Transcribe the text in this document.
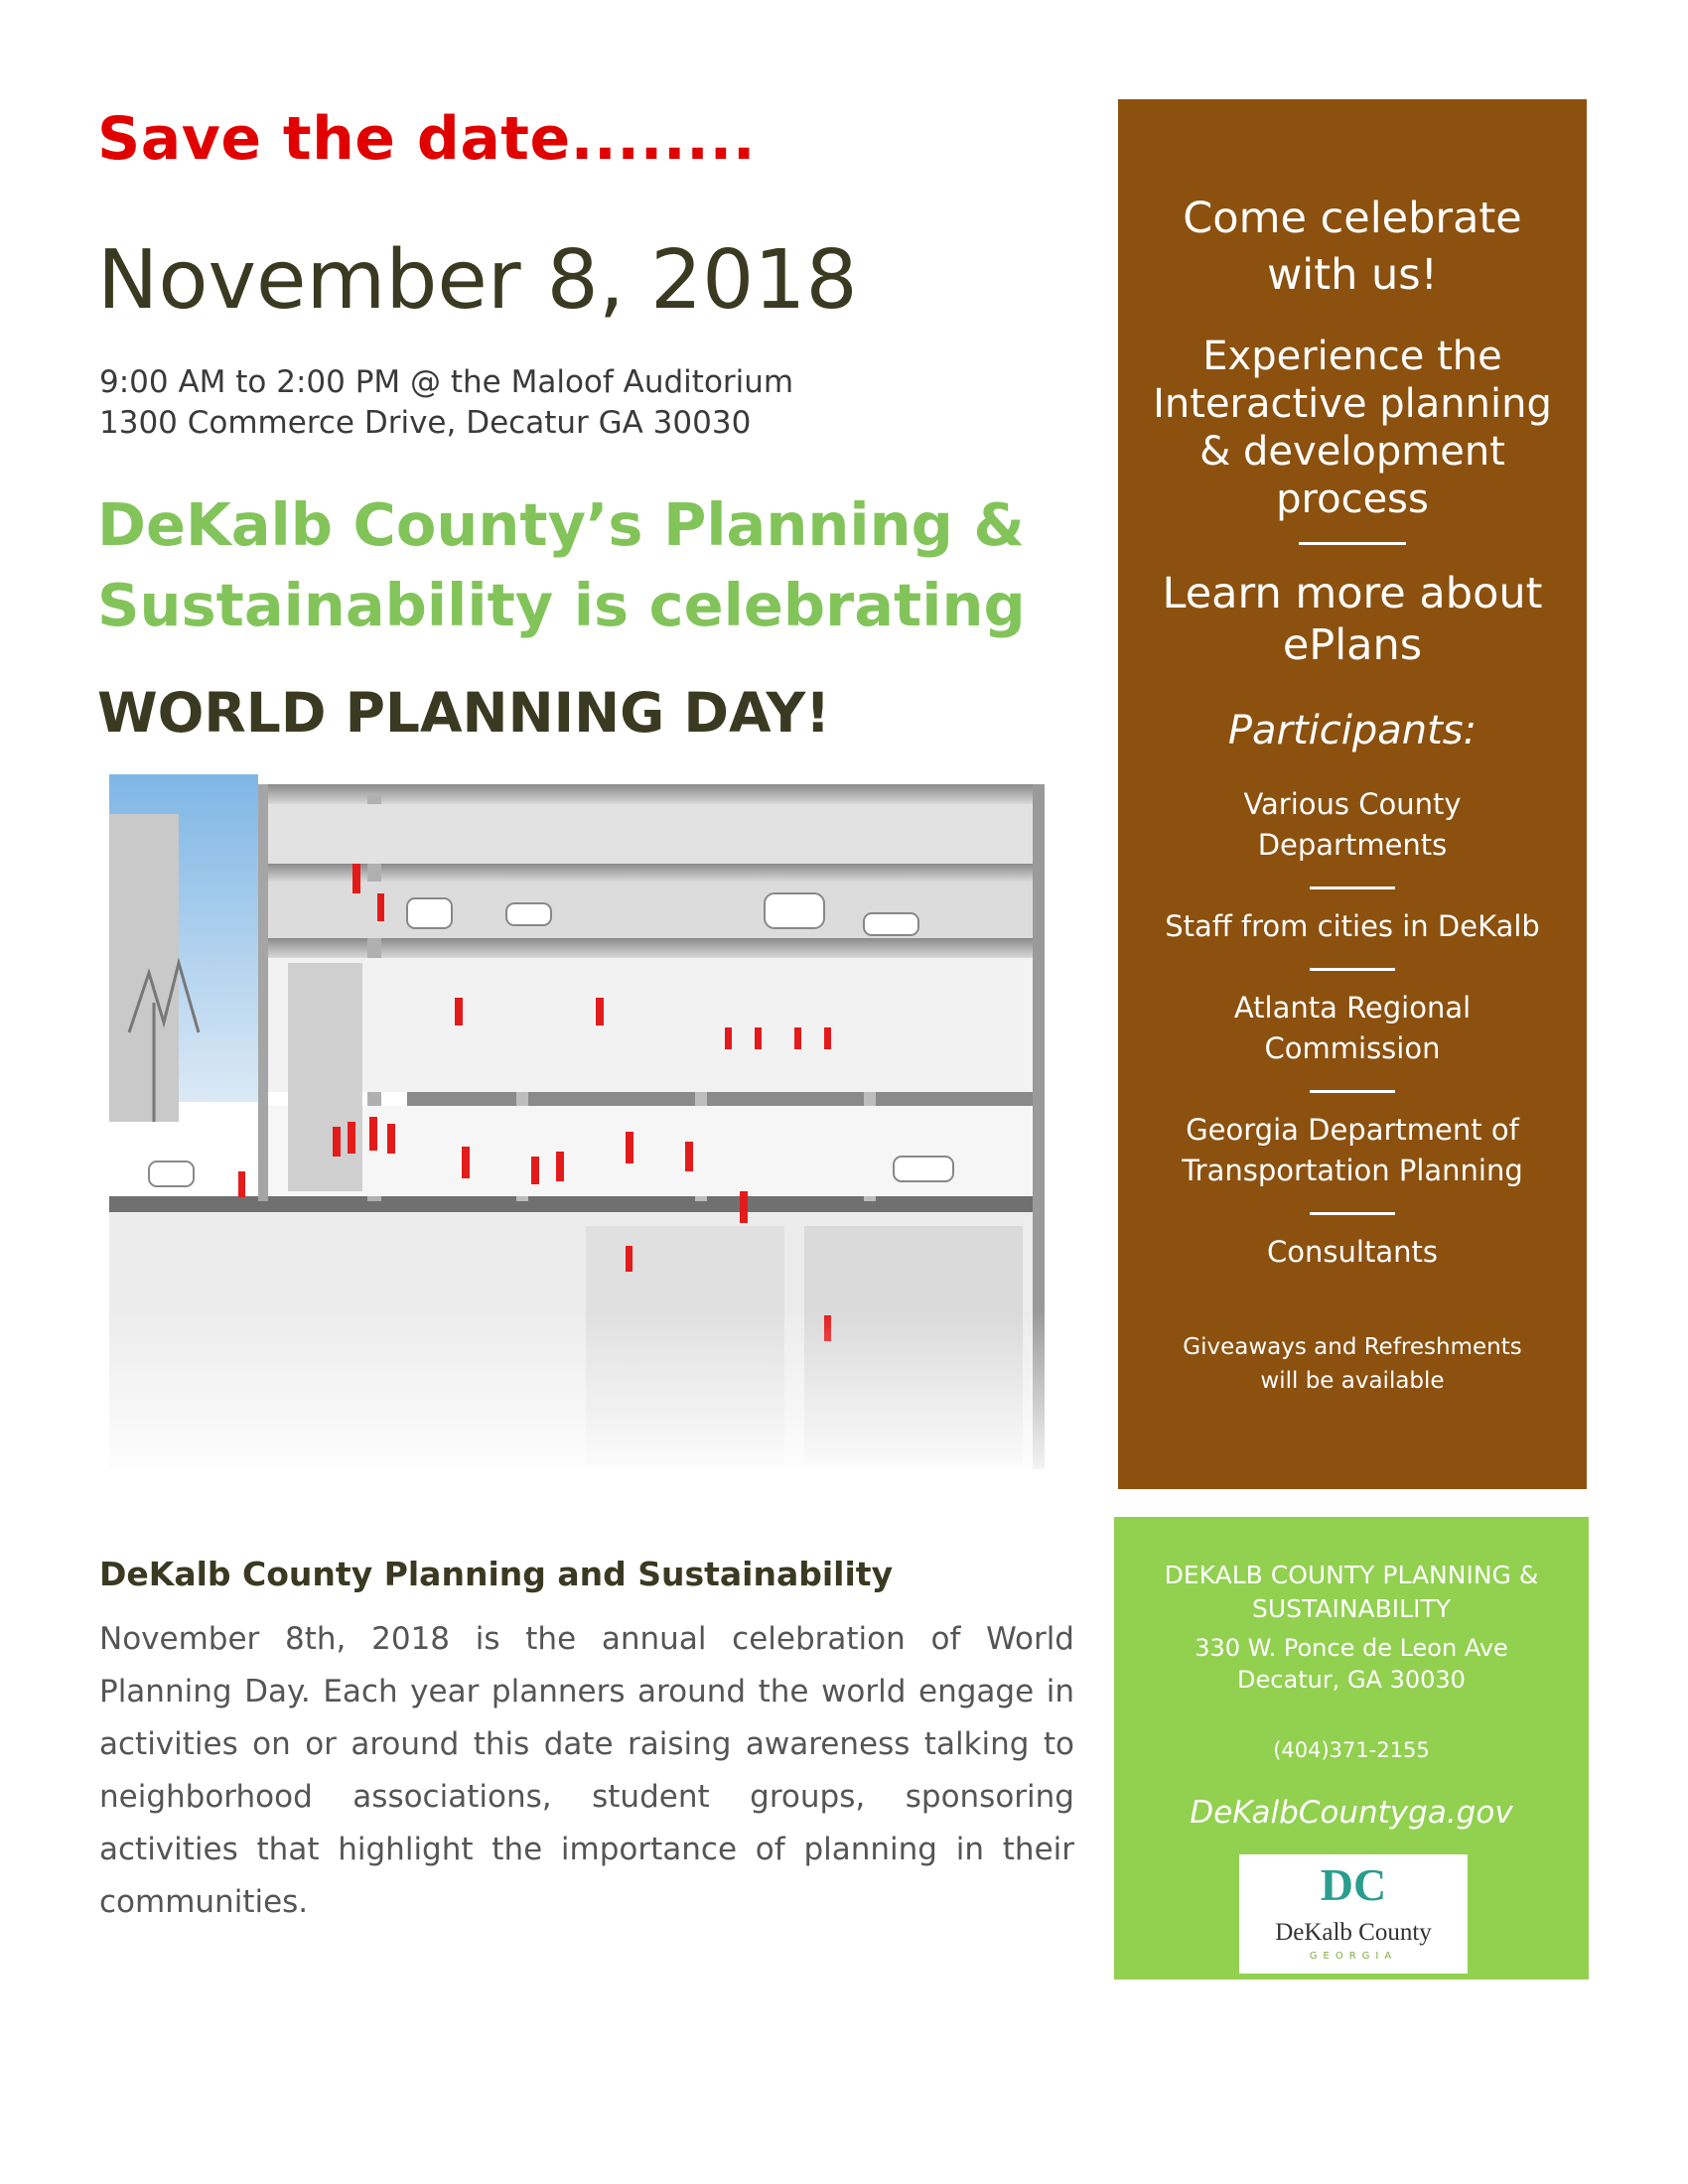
Save the date........
November 8, 2018
9:00 AM to 2:00 PM @ the Maloof Auditorium
1300 Commerce Drive, Decatur GA 30030
DeKalb County’s Planning &
Sustainability is celebrating
WORLD PLANNING DAY!
DeKalb County Planning and Sustainability
November 8th, 2018 is the annual celebration of World Planning Day. Each year planners around the world engage in activities on or around this date raising awareness talking to neighborhood associations, student groups, sponsoring activities that highlight the importance of planning in their communities.
Come celebrate
with us!
Experience the
Interactive planning
& development
process
Learn more about
ePlans
Participants:
Various County
Departments
Staff from cities in DeKalb
Atlanta Regional
Commission
Georgia Department of
Transportation Planning
Consultants
Giveaways and Refreshments
will be available
DEKALB COUNTY PLANNING &
SUSTAINABILITY
330 W. Ponce de Leon Ave
Decatur, GA 30030
(404)371-2155
DeKalbCountyga.gov
DC
DeKalb County
GEORGIA
